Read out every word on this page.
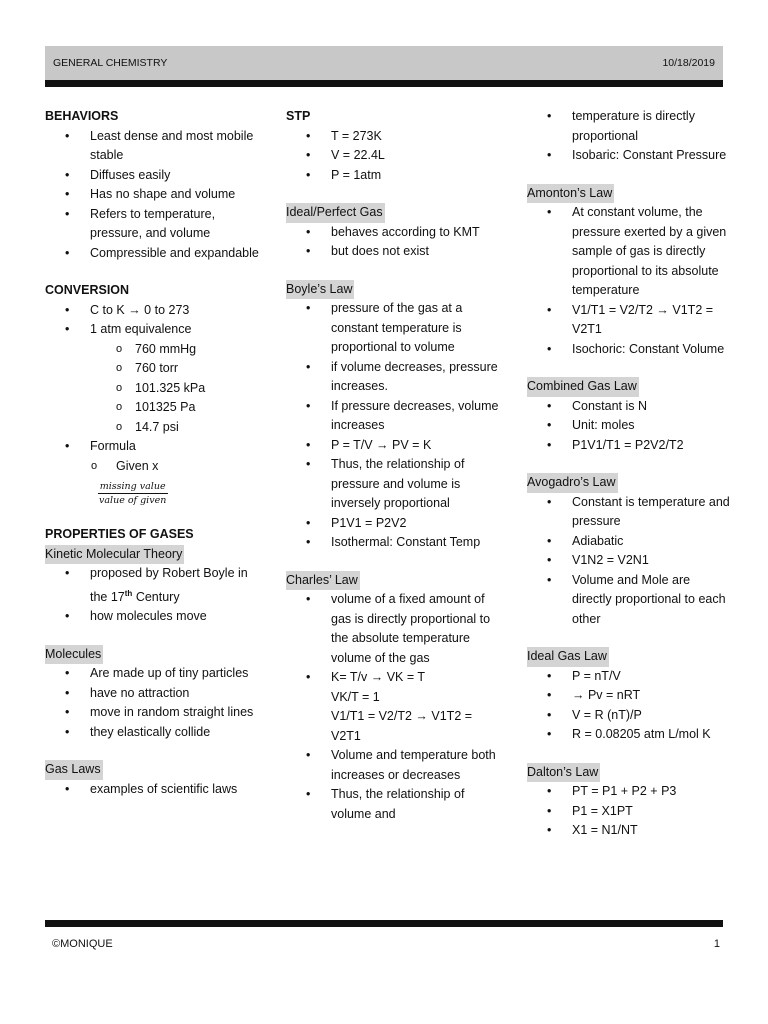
GENERAL CHEMISTRY	10/18/2019
BEHAVIORS
• Least dense and most mobile stable
• Diffuses easily
• Has no shape and volume
• Refers to temperature, pressure, and volume
• Compressible and expandable
CONVERSION
• C to K → 0 to 273
• 1 atm equivalence
o 760 mmHg
o 760 torr
o 101.325 kPa
o 101325 Pa
o 14.7 psi
• Formula
o Given x

$\frac{\text{missing value}}{\text{value of given}}$
PROPERTIES OF GASES
Kinetic Molecular Theory
• proposed by Robert Boyle in the 17th Century
• how molecules move
Molecules
• Are made up of tiny particles
• have no attraction
• move in random straight lines
• they elastically collide
Gas Laws
• examples of scientific laws
STP
• T = 273K
• V = 22.4L
• P = 1atm
Ideal/Perfect Gas
• behaves according to KMT
• but does not exist
Boyle’s Law
• pressure of the gas at a constant temperature is proportional to volume
• if volume decreases, pressure increases.
• If pressure decreases, volume increases
• P = T/V → PV = K
• Thus, the relationship of pressure and volume is inversely proportional
• P1V1 = P2V2
• Isothermal: Constant Temp
Charles’ Law
• volume of a fixed amount of gas is directly proportional to the absolute temperature volume of the gas
• K= T/v → VK = T
VK/T = 1
V1/T1 = V2/T2 → V1T2 = V2T1
• Volume and temperature both increases or decreases
• Thus, the relationship of volume and
• temperature is directly proportional
• Isobaric: Constant Pressure
Amonton’s Law
• At constant volume, the pressure exerted by a given sample of gas is directly proportional to its absolute temperature
• V1/T1 = V2/T2 → V1T2 = V2T1
• Isochoric: Constant Volume
Combined Gas Law
• Constant is N
• Unit: moles
• P1V1/T1 = P2V2/T2
Avogadro’s Law
• Constant is temperature and pressure
• Adiabatic
• V1N2 = V2N1
• Volume and Mole are directly proportional to each other
Ideal Gas Law
• P = nT/V
• → Pv = nRT
• V = R (nT)/P
• R = 0.08205 atm L/mol K
Dalton’s Law
• PT = P1 + P2 + P3
• P1 = X1PT
• X1 = N1/NT
©MONIQUE	1
